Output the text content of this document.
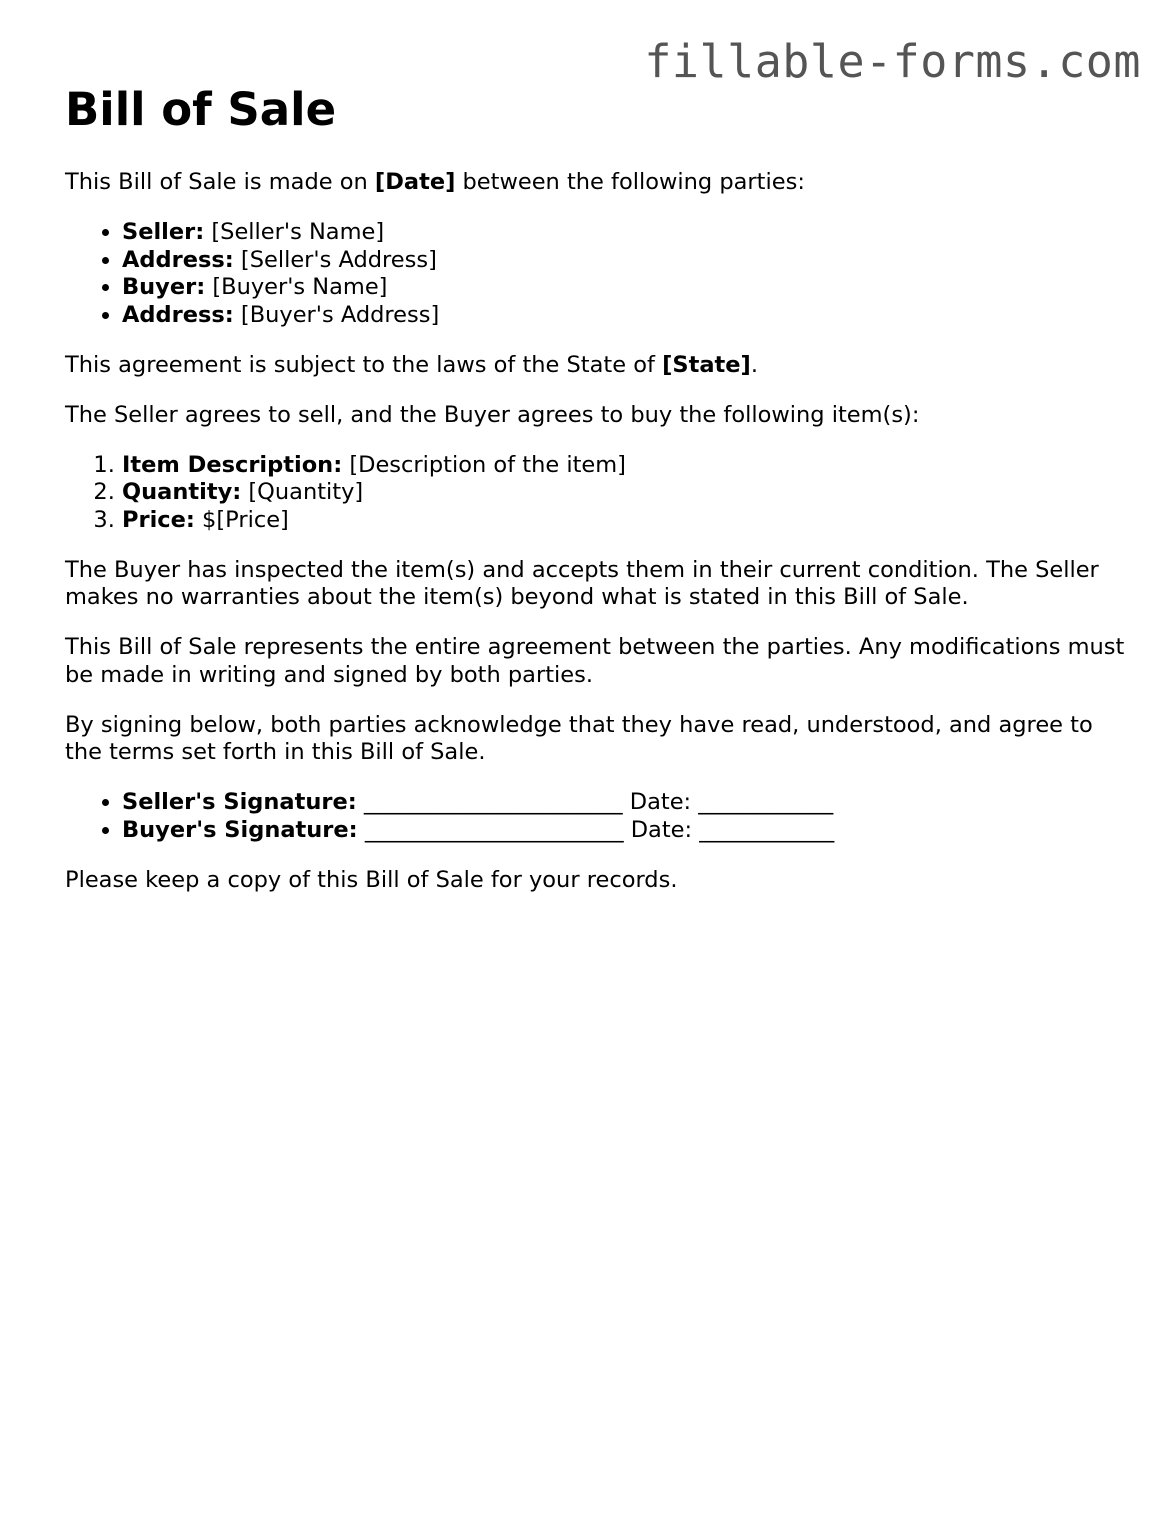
fillable-forms.com
Bill of Sale

This Bill of Sale is made on [Date] between the following parties:

• Seller: [Seller's Name]
• Address: [Seller's Address]
• Buyer: [Buyer's Name]
• Address: [Buyer's Address]

This agreement is subject to the laws of the State of [State].

The Seller agrees to sell, and the Buyer agrees to buy the following item(s):

1. Item Description: [Description of the item]
2. Quantity: [Quantity]
3. Price: $[Price]

The Buyer has inspected the item(s) and accepts them in their current condition. The Seller makes no warranties about the item(s) beyond what is stated in this Bill of Sale.

This Bill of Sale represents the entire agreement between the parties. Any modifications must be made in writing and signed by both parties.

By signing below, both parties acknowledge that they have read, understood, and agree to the terms set forth in this Bill of Sale.

• Seller's Signature: _______________________ Date: ____________
• Buyer's Signature: _______________________ Date: ____________

Please keep a copy of this Bill of Sale for your records.
